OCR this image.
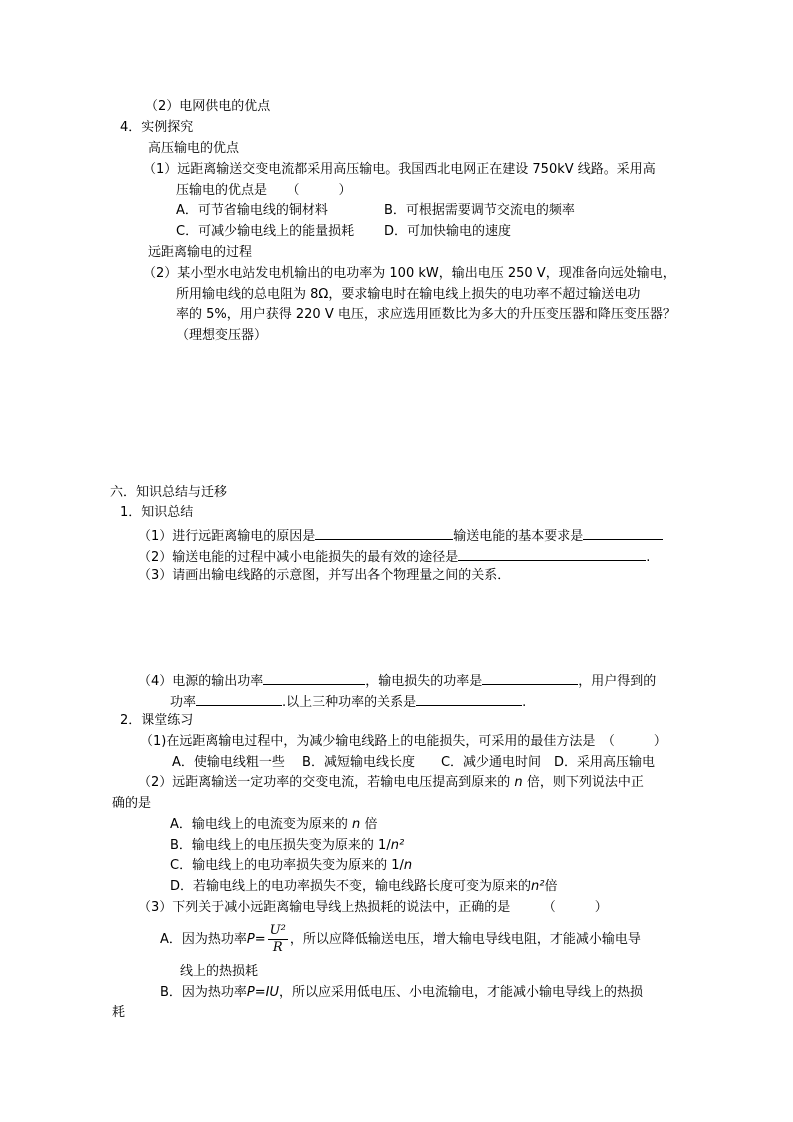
（2）电网供电的优点
4．实例探究
高压输电的优点
（1）远距离输送交变电流都采用高压输电。我国西北电网正在建设 750kV 线路。采用高
压输电的优点是　　（　　　）
A．可节省输电线的铜材料	B．可根据需要调节交流电的频率
C．可减少输电线上的能量损耗 D．可加快输电的速度
远距离输电的过程
（2）某小型水电站发电机输出的电功率为 100 kW，输出电压 250 V，现准备向远处输电，
所用输电线的总电阻为 8Ω，要求输电时在输电线上损失的电功率不超过输送电功
率的 5%，用户获得 220 V 电压，求应选用匝数比为多大的升压变压器和降压变压器？
（理想变压器）
六．知识总结与迁移
1．知识总结
（1）进行远距离输电的原因是	输送电能的基本要求是
（2）输送电能的过程中减小电能损失的最有效的途径是	.
（3）请画出输电线路的示意图，并写出各个物理量之间的关系．
（4）电源的输出功率	，输电损失的功率是	，用户得到的
功率	.以上三种功率的关系是	.
2．课堂练习
（1)在远距离输电过程中，为减少输电线路上的电能损失，可采用的最佳方法是　（　　　）
A．使输电线粗一些　 B．减短输电线长度　　C．减少通电时间　D．采用高压输电
（2）远距离输送一定功率的交变电流，若输电电压提高到原来的 n 倍，则下列说法中正
确的是
A．输电线上的电流变为原来的 n 倍
B．输电线上的电压损失变为原来的 1/n²
C．输电线上的电功率损失变为原来的 1/n
D．若输电线上的电功率损失不变，输电线路长度可变为原来的n²倍
（3）下列关于减小远距离输电导线上热损耗的说法中，正确的是　　　（　　　）
A．因为热功率$P= \frac{\text{U²}}{R}$ ，所以应降低输送电压，增大输电导线电阻，才能减小输电导
线上的热损耗
B．因为热功率P=IU，所以应采用低电压、小电流输电，才能减小输电导线上的热损
耗
